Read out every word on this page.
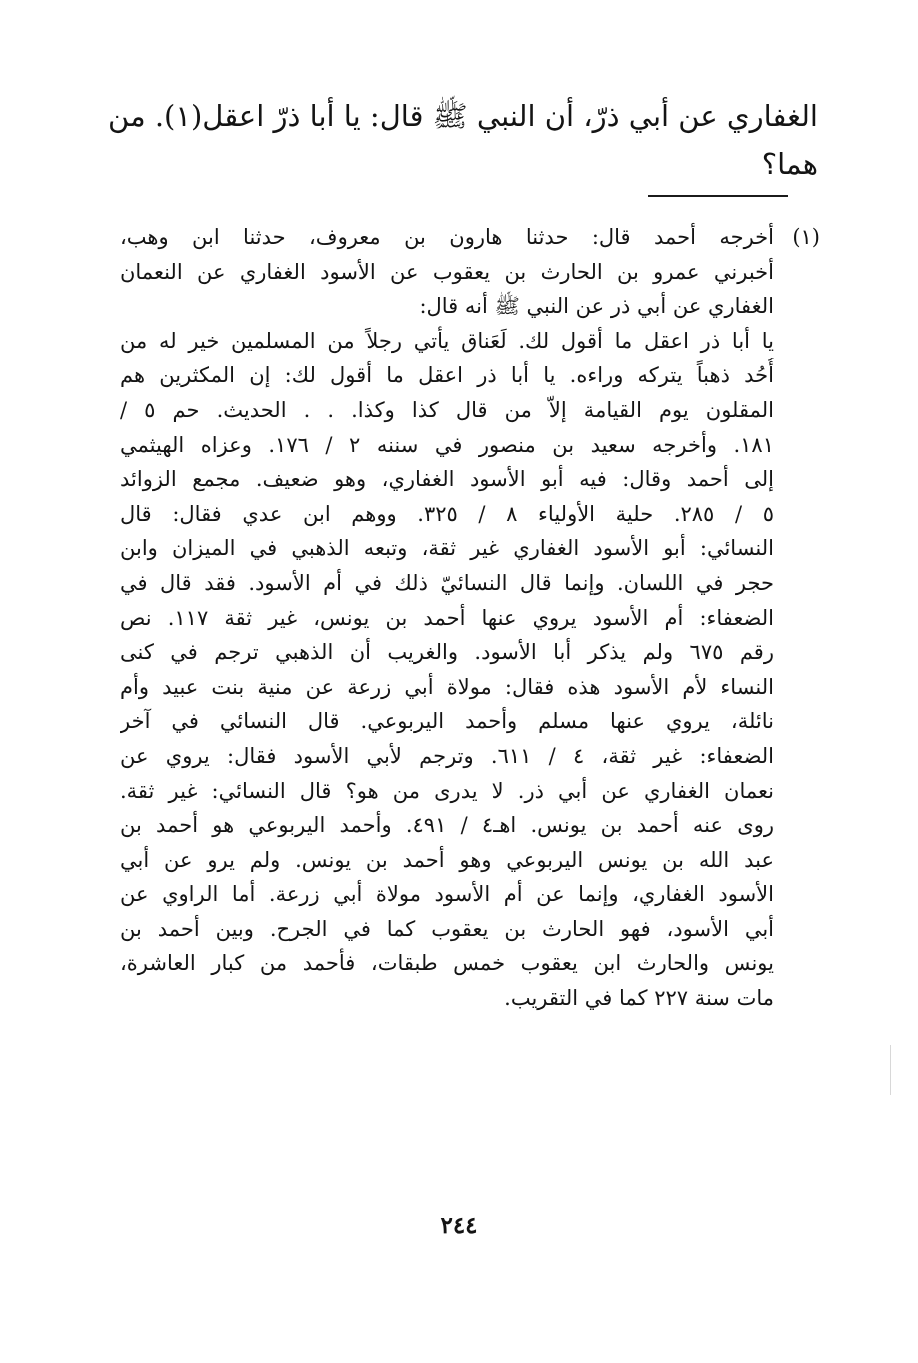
الغفاري عن أبي ذرّ، أن النبي ﷺ قال: يا أبا ذرّ اعقل(١). من
هما؟
(١)
أخرجه أحمد قال: حدثنا هارون بن معروف، حدثنا ابن وهب،
أخبرني عمرو بن الحارث بن يعقوب عن الأسود الغفاري عن النعمان
الغفاري عن أبي ذر عن النبي ﷺ أنه قال:
يا أبا ذر اعقل ما أقول لك. لَعَناق يأتي رجلاً من المسلمين خير له من
أُحُد ذهباً يتركه وراءه. يا أبا ذر اعقل ما أقول لك: إن المكثرين هم
المقلون يوم القيامة إلاّ من قال كذا وكذا. . . الحديث. حم ٥ /
١٨١. وأخرجه سعيد بن منصور في سننه ٢ / ١٧٦. وعزاه الهيثمي
إلى أحمد وقال: فيه أبو الأسود الغفاري، وهو ضعيف. مجمع الزوائد
٥ / ٢٨٥. حلية الأولياء ٨ / ٣٢٥. ووهم ابن عدي فقال: قال
النسائي: أبو الأسود الغفاري غير ثقة، وتبعه الذهبي في الميزان وابن
حجر في اللسان. وإنما قال النسائيّ ذلك في أم الأسود. فقد قال في
الضعفاء: أم الأسود يروي عنها أحمد بن يونس، غير ثقة ١١٧. نص
رقم ٦٧٥ ولم يذكر أبا الأسود. والغريب أن الذهبي ترجم في كنى
النساء لأم الأسود هذه فقال: مولاة أبي زرعة عن منية بنت عبيد وأم
نائلة، يروي عنها مسلم وأحمد اليربوعي. قال النسائي في آخر
الضعفاء: غير ثقة، ٤ / ٦١١. وترجم لأبي الأسود فقال: يروي عن
نعمان الغفاري عن أبي ذر. لا يدرى من هو؟ قال النسائي: غير ثقة.
روى عنه أحمد بن يونس. اهـ٤ / ٤٩١. وأحمد اليربوعي هو أحمد بن
عبد الله بن يونس اليربوعي وهو أحمد بن يونس. ولم يرو عن أبي
الأسود الغفاري، وإنما عن أم الأسود مولاة أبي زرعة. أما الراوي عن
أبي الأسود، فهو الحارث بن يعقوب كما في الجرح. وبين أحمد بن
يونس والحارث ابن يعقوب خمس طبقات، فأحمد من كبار العاشرة،
مات سنة ٢٢٧ كما في التقريب.
٢٤٤
